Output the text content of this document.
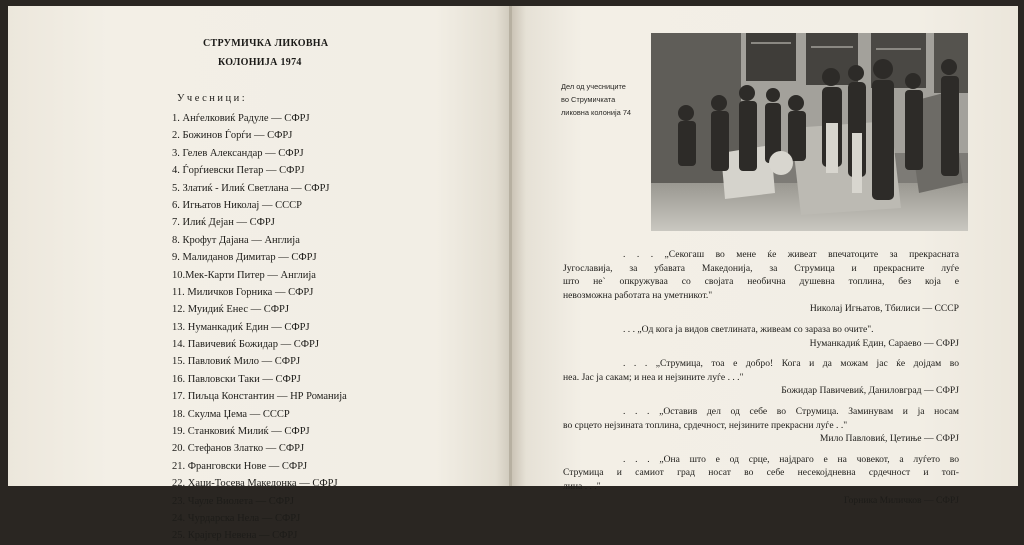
СТРУМИЧКА ЛИКОВНА
КОЛОНИЈА 1974
Учесници:
1. Анѓелковиќ Радуле — СФРЈ
2. Божинов Ѓорѓи — СФРЈ
3. Гелев Александар — СФРЈ
4. Ѓорѓиевски Петар — СФРЈ
5. Златиќ - Илиќ Светлана — СФРЈ
6. Игњатов Николај — СССР
7. Илиќ Дејан — СФРЈ
8. Крофут Дајана — Англија
9. Малиданов Димитар — СФРЈ
10.Мек-Карти Питер — Англија
11. Миличков Горника — СФРЈ
12. Муидиќ Енес — СФРЈ
13. Нуманкадиќ Един — СФРЈ
14. Павичевиќ Божидар — СФРЈ
15. Павловиќ Мило — СФРЈ
16. Павловски Таки — СФРЈ
17. Пиљца Константин — НР Романија
18. Скулма Џема — СССР
19. Станковиќ Милиќ — СФРЈ
20. Стефанов Златко — СФРЈ
21. Франговски Нове — СФРЈ
22. Хаџи-Тосева Македонка — СФРЈ
23. Чауле Виолета — СФРЈ
24. Чурдарска Нела — СФРЈ
25. Крајгер Невена — СФРЈ
Дел од учесниците
во Струмичката
ликовна колонија 74
. . . „Секогаш во мене ќе живеат впечатоците за прекрасната
Југославија, за убавата Македонија, за Струмица и прекрасните луѓе
што не` опкружуваа со својата необична душевна топлина, без која е
невозможна работата на уметникот."
Николај Игњатов, Тбилиси — СССР
. . . „Од кога ја видов светлината, живеам со зараза во очите".
Нуманкадиќ Един, Сараево — СФРЈ
. . . „Струмица, тоа е добро! Кога и да можам јас ќе дојдам во
неа. Јас ја сакам; и неа и нејзините луѓе . . ."
Божидар Павичевиќ, Даниловград — СФРЈ
. . . „Оставив дел од себе во Струмица. Заминувам и ја носам
во срцето нејзината топлина, срдечност, нејзините прекрасни луѓе . ."
Мило Павловиќ, Цетиње — СФРЈ
. . . „Она што е од срце, најдраго е на човекот, а луѓето во
Струмица и самиот град носат во себе несекојдневна срдечност и топ-
лина . . ."
Горника Миличков — СФРЈ
